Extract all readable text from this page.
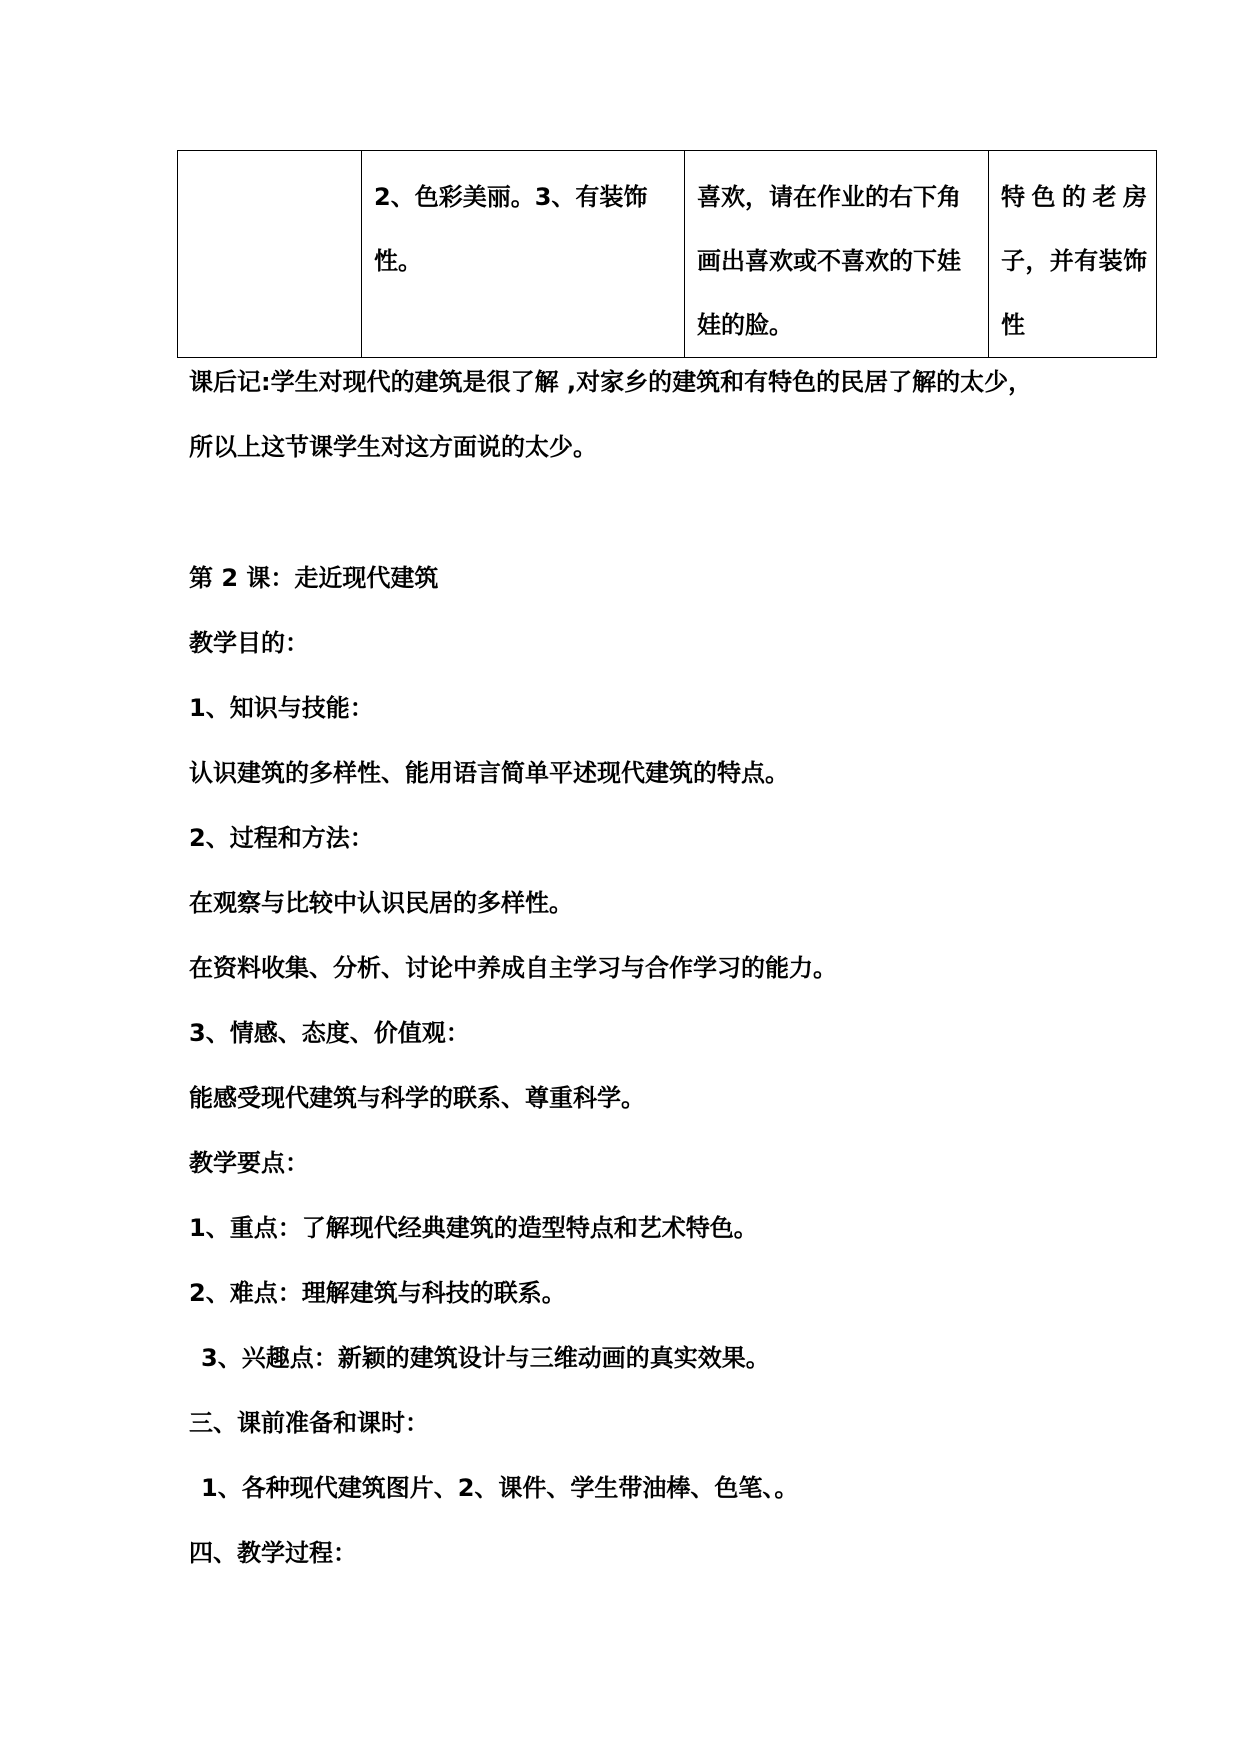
	2、色彩美丽。3、有装饰性。	喜欢，请在作业的右下角画出喜欢或不喜欢的下娃娃的脸。	特色的老房子，并有装饰性
课后记:学生对现代的建筑是很了解 ,对家乡的建筑和有特色的民居了解的太少，
所以上这节课学生对这方面说的太少。
第 2 课：走近现代建筑
教学目的：
1、知识与技能：
认识建筑的多样性、能用语言简单平述现代建筑的特点。
2、过程和方法：
在观察与比较中认识民居的多样性。
在资料收集、分析、讨论中养成自主学习与合作学习的能力。
3、情感、态度、价值观：
能感受现代建筑与科学的联系、尊重科学。
教学要点：
1、重点：了解现代经典建筑的造型特点和艺术特色。
2、难点：理解建筑与科技的联系。
3、兴趣点：新颖的建筑设计与三维动画的真实效果。
三、课前准备和课时：
1、各种现代建筑图片、2、课件、学生带油棒、色笔、。
四、教学过程：
